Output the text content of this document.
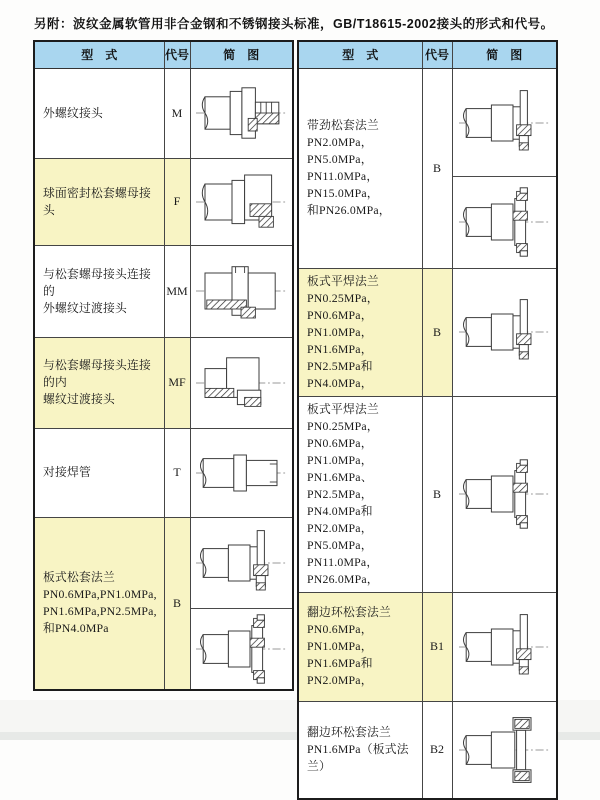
另附：波纹金属软管用非合金钢和不锈钢接头标准，GB/T18615-2002接头的形式和代号。
型　式	代号	简　图

外螺纹接头	M	

球面密封松套螺母接头	F	

与松套螺母接头连接的
外螺纹过渡接头	MM	

与松套螺母接头连接的内
螺纹过渡接头	MF	

对接焊管	T	

板式松套法兰
PN0.6MPa,PN1.0MPa,
PN1.6MPa,PN2.5MPa,
和PN4.0MPa	B	
型　式	代号	简　图

带劲松套法兰
PN2.0MPa，PN5.0MPa，
PN11.0MPa，PN15.0MPa，
和PN26.0MPa，	B	

板式平焊法兰
PN0.25MPa，PN0.6MPa，
PN1.0MPa，PN1.6MPa，
PN2.5MPa和PN4.0MPa，	B	

板式平焊法兰
PN0.25MPa，PN0.6MPa，
PN1.0MPa，PN1.6MPa、
PN2.5MPa，PN4.0MPa和
PN2.0MPa，PN5.0MPa，
PN11.0MPa，PN26.0MPa，
	B	

翻边环松套法兰
PN0.6MPa，PN1.0MPa，
PN1.6MPa和PN2.0MPa，	B1	

翻边环松套法兰
PN1.6MPa（板式法兰）	B2	
